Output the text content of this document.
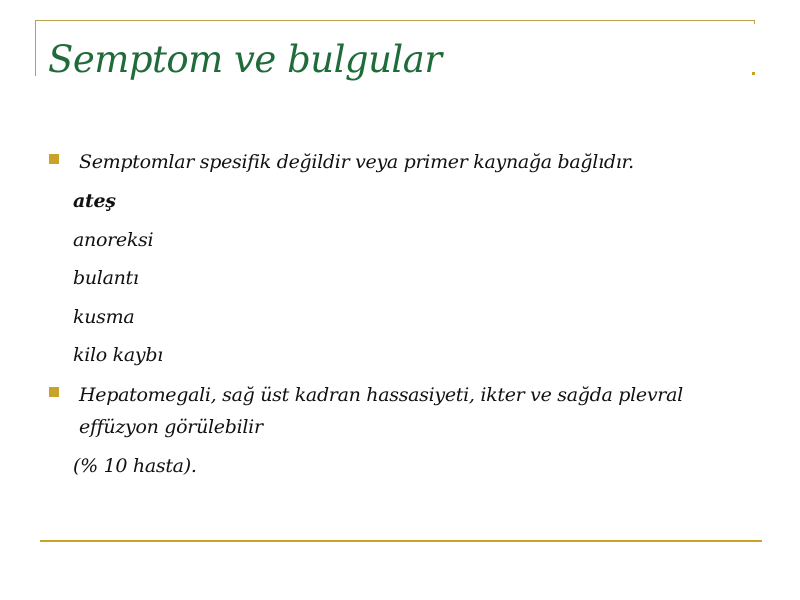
Semptom ve bulgular
Semptomlar spesifik değildir veya primer kaynağa bağlıdır.
ateş
anoreksi
bulantı
kusma
kilo kaybı
Hepatomegali, sağ üst kadran hassasiyeti, ikter ve sağda plevral
effüzyon görülebilir
(% 10 hasta).
